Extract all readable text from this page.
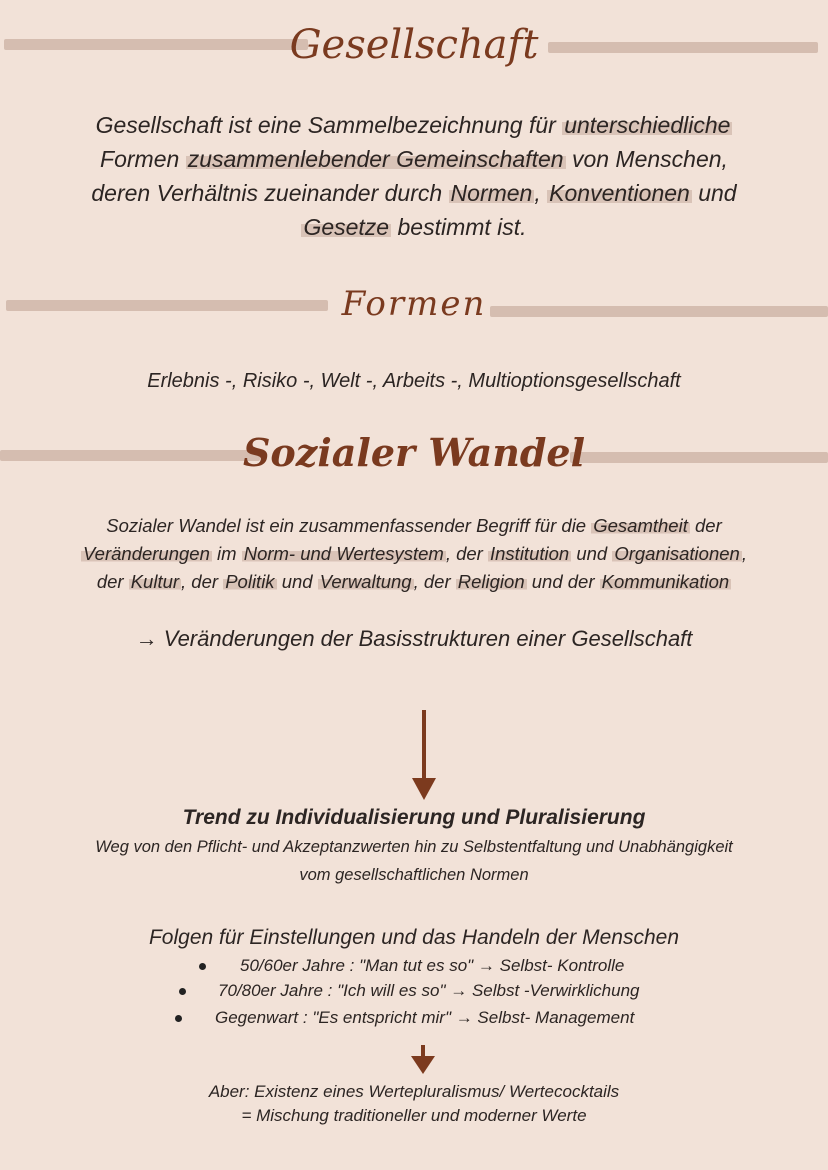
Gesellschaft
Gesellschaft ist eine Sammelbezeichnung für unterschiedliche
Formen zusammenlebender Gemeinschaften von Menschen,
deren Verhältnis zueinander durch Normen, Konventionen und
Gesetze bestimmt ist.
Formen
Erlebnis -, Risiko -, Welt -, Arbeits -, Multioptionsgesellschaft
Sozialer Wandel
Sozialer Wandel ist ein zusammenfassender Begriff für die Gesamtheit der
Veränderungen im Norm- und Wertesystem , der Institution und Organisationen ,
der Kultur , der Politik und Verwaltung , der Religion und der Kommunikation
→ Veränderungen der Basisstrukturen einer Gesellschaft
Trend zu Individualisierung und Pluralisierung
Weg von den Pflicht- und Akzeptanzwerten hin zu Selbstentfaltung und Unabhängigkeit
vom gesellschaftlichen Normen
Folgen für Einstellungen und das Handeln der Menschen
50/60er Jahre : "Man tut es so" → Selbst- Kontrolle
70/80er Jahre : "Ich will es so" → Selbst -Verwirklichung
Gegenwart : "Es entspricht mir" → Selbst- Management
Aber: Existenz eines Wertepluralismus/ Wertecocktails
= Mischung traditioneller und moderner Werte
